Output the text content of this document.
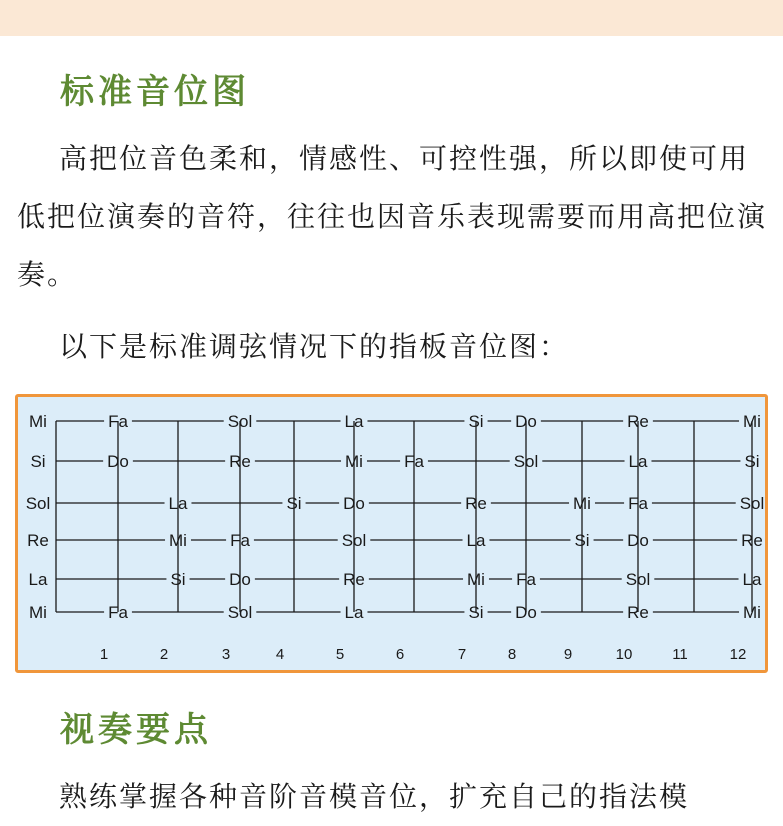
标准音位图

高把位音色柔和，情感性、可控性强，所以即使可用低把位演奏的音符，往往也因音乐表现需要而用高把位演奏。

以下是标准调弦情况下的指板音位图：

Mi	Fa	Sol	La	Si Do	Re	Mi
Si	Do	Re	Mi Fa	Sol	La	Si
Sol	La	Si Do	Re	Mi Fa	Sol
Re	Mi	Fa	Sol	La	Si Do	Re
La	Si	Do	Re	Mi Fa	Sol	La
Mi	Fa	Sol	La	Si Do	Re	Mi
1	2	3	4	5	6	7	8	9	10	11	12
视奏要点

熟练掌握各种音阶音模音位，扩充自己的指法模
